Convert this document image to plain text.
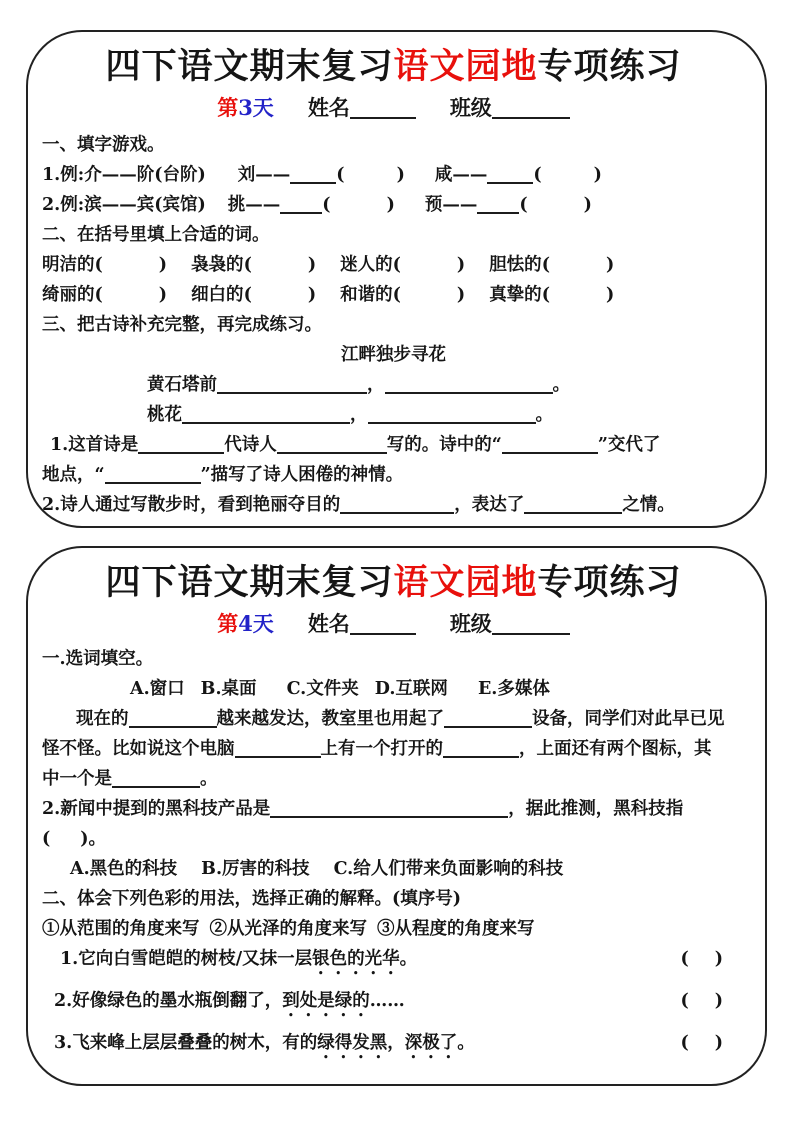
四下语文期末复习语文园地专项练习
第3天 姓名	班级
一、填字游戏。
1.例:介——阶(台阶) 刘——	(	) 咸——	(	)
2.例:滨——宾(宾馆) 挑—— (	) 预—— (	)
二、在括号里填上合适的词。
明洁的(	) 袅袅的(	) 迷人的(	) 胆怯的(	)
绮丽的(	) 细白的(	) 和谐的(	) 真挚的(	)
三、把古诗补充完整，再完成练习。
江畔独步寻花
黄石塔前	，	。
桃花	，	。
1.这首诗是	代诗人	写的。诗中的“	”交代了
地点，“	”描写了诗人困倦的神情。
2.诗人通过写散步时，看到艳丽夺目的	，表达了	之情。
四下语文期末复习语文园地专项练习
第4天 姓名	班级
一.选词填空。
A.窗口 B.桌面 C.文件夹 D.互联网 E.多媒体
现在的	越来越发达，教室里也用起了	设备，同学们对此早已见
怪不怪。比如说这个电脑	上有一个打开的	，上面还有两个图标，其
中一个是	。
2.新闻中提到的黑科技产品是	，据此推测，黑科技指
( )。
A.黑色的科技 B.厉害的科技 C.给人们带来负面影响的科技
二、体会下列色彩的用法，选择正确的解释。(填序号)
①从范围的角度来写 ②从光泽的角度来写 ③从程度的角度来写
1.它向白雪皑皑的树枝/又抹一层银色的光华。	( )
2.好像绿色的墨水瓶倒翻了，到处是绿的……	( )
3.飞来峰上层层叠叠的树木，有的绿得发黑，深极了。	( )
